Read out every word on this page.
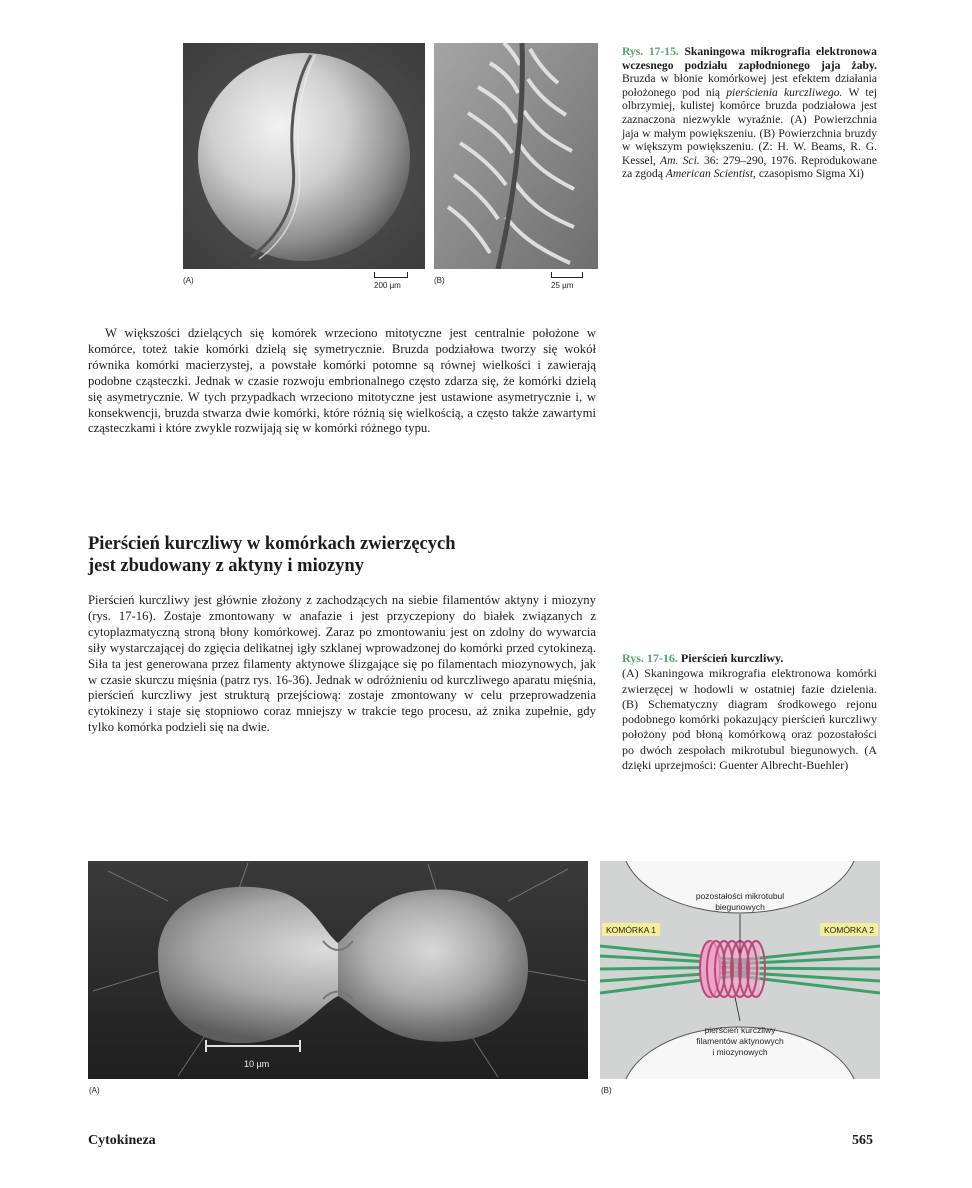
(A)
200 µm
(B)
25 µm
Rys. 17-15. Skaningowa mikrografia elektronowa wczesnego podziału zapłodnionego jaja żaby. Bruzda w błonie komórkowej jest efektem działania położonego pod nią pierścienia kurczliwego. W tej olbrzymiej, kulistej komórce bruzda podziałowa jest zaznaczona niezwykle wyraźnie. (A) Powierzchnia jaja w małym powiększeniu. (B) Powierzchnia bruzdy w większym powiększeniu. (Z: H. W. Beams, R. G. Kessel, Am. Sci. 36: 279–290, 1976. Reprodukowane za zgodą American Scientist, czasopismo Sigma Xi)

W większości dzielących się komórek wrzeciono mitotyczne jest centralnie położone w komórce, toteż takie komórki dzielą się symetrycznie. Bruzda podziałowa tworzy się wokół równika komórki macierzystej, a powstałe komórki potomne są równej wielkości i zawierają podobne cząsteczki. Jednak w czasie rozwoju embrionalnego często zdarza się, że komórki dzielą się asymetrycznie. W tych przypadkach wrzeciono mitotyczne jest ustawione asymetrycznie i, w konsekwencji, bruzda stwarza dwie komórki, które różnią się wielkością, a często także zawartymi cząsteczkami i które zwykle rozwijają się w komórki różnego typu.

Pierścień kurczliwy w komórkach zwierzęcych
jest zbudowany z aktyny i miozyny

Pierścień kurczliwy jest głównie złożony z zachodzących na siebie filamentów aktyny i miozyny (rys. 17-16). Zostaje zmontowany w anafazie i jest przyczepiony do białek związanych z cytoplazmatyczną stroną błony komórkowej. Zaraz po zmontowaniu jest on zdolny do wywarcia siły wystarczającej do zgięcia delikatnej igły szklanej wprowadzonej do komórki przed cytokinezą. Siła ta jest generowana przez filamenty aktynowe ślizgające się po filamentach miozynowych, jak w czasie skurczu mięśnia (patrz rys. 16-36). Jednak w odróżnieniu od kurczliwego aparatu mięśnia, pierścień kurczliwy jest strukturą przejściową: zostaje zmontowany w celu przeprowadzenia cytokinezy i staje się stopniowo coraz mniejszy w trakcie tego procesu, aż znika zupełnie, gdy tylko komórka podzieli się na dwie.

Rys. 17-16. Pierścień kurczliwy.
(A) Skaningowa mikrografia elektronowa komórki zwierzęcej w hodowli w ostatniej fazie dzielenia. (B) Schematyczny diagram środkowego rejonu podobnego komórki pokazujący pierścień kurczliwy położony pod błoną komórkową oraz pozostałości po dwóch zespołach mikrotubul biegunowych. (A dzięki uprzejmości: Guenter Albrecht-Buehler)
10 µm
(A)
pozostałości mikrotubul
biegunowych
KOMÓRKA 1	KOMÓRKA 2
pierścień kurczliwy
filamentów aktynowych
i miozynowych
(B)
Cytokineza	565
